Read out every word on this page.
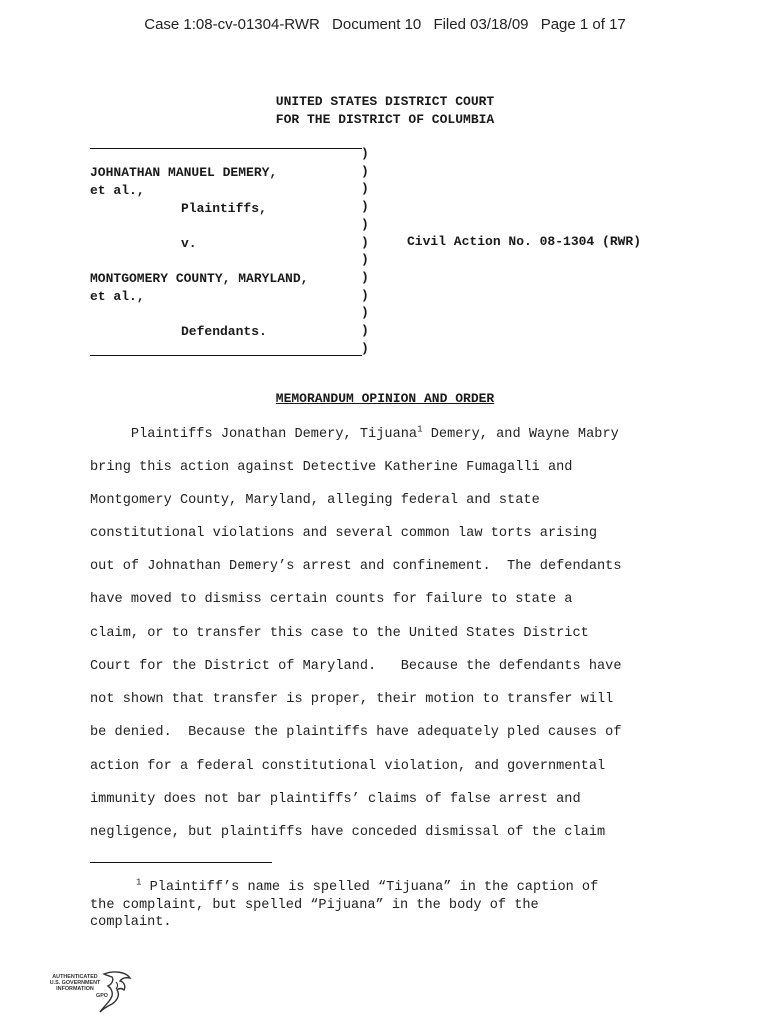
Case 1:08-cv-01304-RWR Document 10 Filed 03/18/09 Page 1 of 17
UNITED STATES DISTRICT COURT
FOR THE DISTRICT OF COLUMBIA
JOHNATHAN MANUEL DEMERY,
et al.,
Plaintiffs,
v.
MONTGOMERY COUNTY, MARYLAND,
et al.,
Defendants.
)
)
)
)
)
)
)
)
)
)
)
)
Civil Action No. 08-1304 (RWR)
MEMORANDUM OPINION AND ORDER
Plaintiffs Jonathan Demery, Tijuana$^1$ Demery, and Wayne Mabry
bring this action against Detective Katherine Fumagalli and
Montgomery County, Maryland, alleging federal and state
constitutional violations and several common law torts arising
out of Johnathan Demery’s arrest and confinement.  The defendants
have moved to dismiss certain counts for failure to state a
claim, or to transfer this case to the United States District
Court for the District of Maryland.   Because the defendants have
not shown that transfer is proper, their motion to transfer will
be denied.  Because the plaintiffs have adequately pled causes of
action for a federal constitutional violation, and governmental
immunity does not bar plaintiffs’ claims of false arrest and
negligence, but plaintiffs have conceded dismissal of the claim
$^1$ Plaintiff’s name is spelled “Tijuana” in the caption of
the complaint, but spelled “Pijuana” in the body of the
complaint.
AUTHENTICATED
U.S. GOVERNMENT
INFORMATION
GPO
